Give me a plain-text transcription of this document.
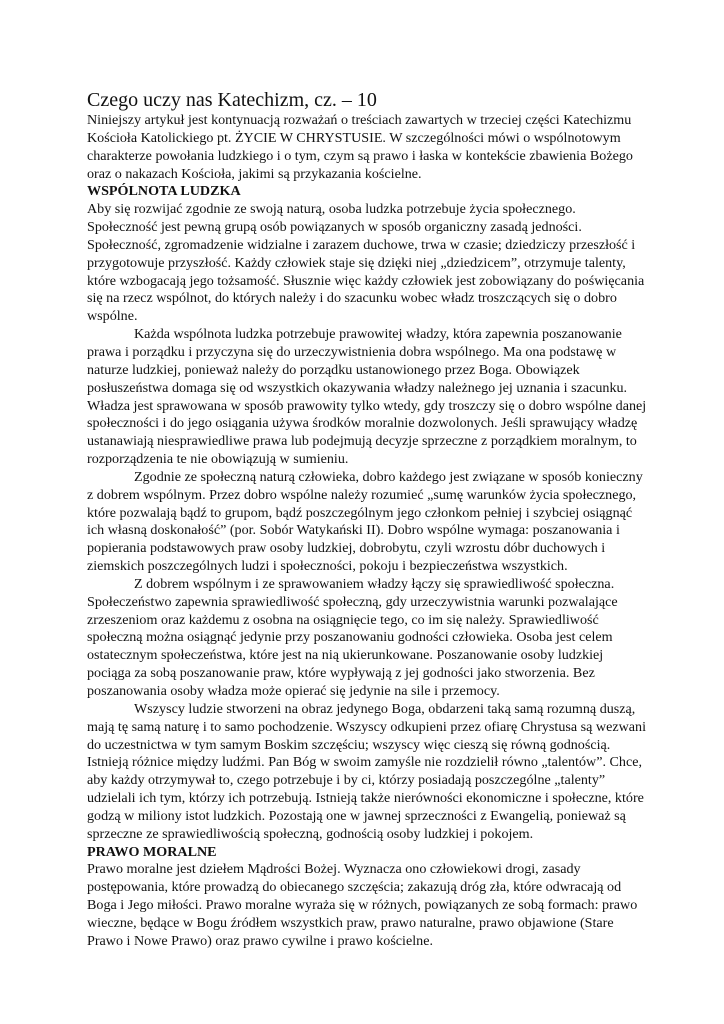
Czego uczy nas Katechizm, cz. – 10

Niniejszy artykuł jest kontynuacją rozważań o treściach zawartych w trzeciej części Katechizmu Kościoła Katolickiego pt. ŻYCIE W CHRYSTUSIE. W szczególności mówi o wspólnotowym charakterze powołania ludzkiego i o tym, czym są prawo i łaska w kontekście zbawienia Bożego oraz o nakazach Kościoła, jakimi są przykazania kościelne.

WSPÓLNOTA LUDZKA

Aby się rozwijać zgodnie ze swoją naturą, osoba ludzka potrzebuje życia społecznego. Społeczność jest pewną grupą osób powiązanych w sposób organiczny zasadą jedności. Społeczność, zgromadzenie widzialne i zarazem duchowe, trwa w czasie; dziedziczy przeszłość i przygotowuje przyszłość. Każdy człowiek staje się dzięki niej „dziedzicem”, otrzymuje talenty, które wzbogacają jego tożsamość. Słusznie więc każdy człowiek jest zobowiązany do poświęcania się na rzecz wspólnot, do których należy i do szacunku wobec władz troszczących się o dobro wspólne.

Każda wspólnota ludzka potrzebuje prawowitej władzy, która zapewnia poszanowanie prawa i porządku i przyczyna się do urzeczywistnienia dobra wspólnego. Ma ona podstawę w naturze ludzkiej, ponieważ należy do porządku ustanowionego przez Boga. Obowiązek posłuszeństwa domaga się od wszystkich okazywania władzy należnego jej uznania i szacunku. Władza jest sprawowana w sposób prawowity tylko wtedy, gdy troszczy się o dobro wspólne danej społeczności i do jego osiągania używa środków moralnie dozwolonych. Jeśli sprawujący władzę ustanawiają niesprawiedliwe prawa lub podejmują decyzje sprzeczne z porządkiem moralnym, to rozporządzenia te nie obowiązują w sumieniu.

Zgodnie ze społeczną naturą człowieka, dobro każdego jest związane w sposób konieczny z dobrem wspólnym. Przez dobro wspólne należy rozumieć „sumę warunków życia społecznego, które pozwalają bądź to grupom, bądź poszczególnym jego członkom pełniej i szybciej osiągnąć ich własną doskonałość” (por. Sobór Watykański II). Dobro wspólne wymaga: poszanowania i popierania podstawowych praw osoby ludzkiej, dobrobytu, czyli wzrostu dóbr duchowych i ziemskich poszczególnych ludzi i społeczności, pokoju i bezpieczeństwa wszystkich.

Z dobrem wspólnym i ze sprawowaniem władzy łączy się sprawiedliwość społeczna. Społeczeństwo zapewnia sprawiedliwość społeczną, gdy urzeczywistnia warunki pozwalające zrzeszeniom oraz każdemu z osobna na osiągnięcie tego, co im się należy. Sprawiedliwość społeczną można osiągnąć jedynie przy poszanowaniu godności człowieka. Osoba jest celem ostatecznym społeczeństwa, które jest na nią ukierunkowane. Poszanowanie osoby ludzkiej pociąga za sobą poszanowanie praw, które wypływają z jej godności jako stworzenia. Bez poszanowania osoby władza może opierać się jedynie na sile i przemocy.

Wszyscy ludzie stworzeni na obraz jedynego Boga, obdarzeni taką samą rozumną duszą, mają tę samą naturę i to samo pochodzenie. Wszyscy odkupieni przez ofiarę Chrystusa są wezwani do uczestnictwa w tym samym Boskim szczęściu; wszyscy więc cieszą się równą godnością. Istnieją różnice między ludźmi. Pan Bóg w swoim zamyśle nie rozdzielił równo „talentów”. Chce, aby każdy otrzymywał to, czego potrzebuje i by ci, którzy posiadają poszczególne „talenty” udzielali ich tym, którzy ich potrzebują. Istnieją także nierówności ekonomiczne i społeczne, które godzą w miliony istot ludzkich. Pozostają one w jawnej sprzeczności z Ewangelią, ponieważ są sprzeczne ze sprawiedliwością społeczną, godnością osoby ludzkiej i pokojem.

PRAWO MORALNE

Prawo moralne jest dziełem Mądrości Bożej. Wyznacza ono człowiekowi drogi, zasady postępowania, które prowadzą do obiecanego szczęścia; zakazują dróg zła, które odwracają od Boga i Jego miłości. Prawo moralne wyraża się w różnych, powiązanych ze sobą formach: prawo wieczne, będące w Bogu źródłem wszystkich praw, prawo naturalne, prawo objawione (Stare Prawo i Nowe Prawo) oraz prawo cywilne i prawo kościelne.
